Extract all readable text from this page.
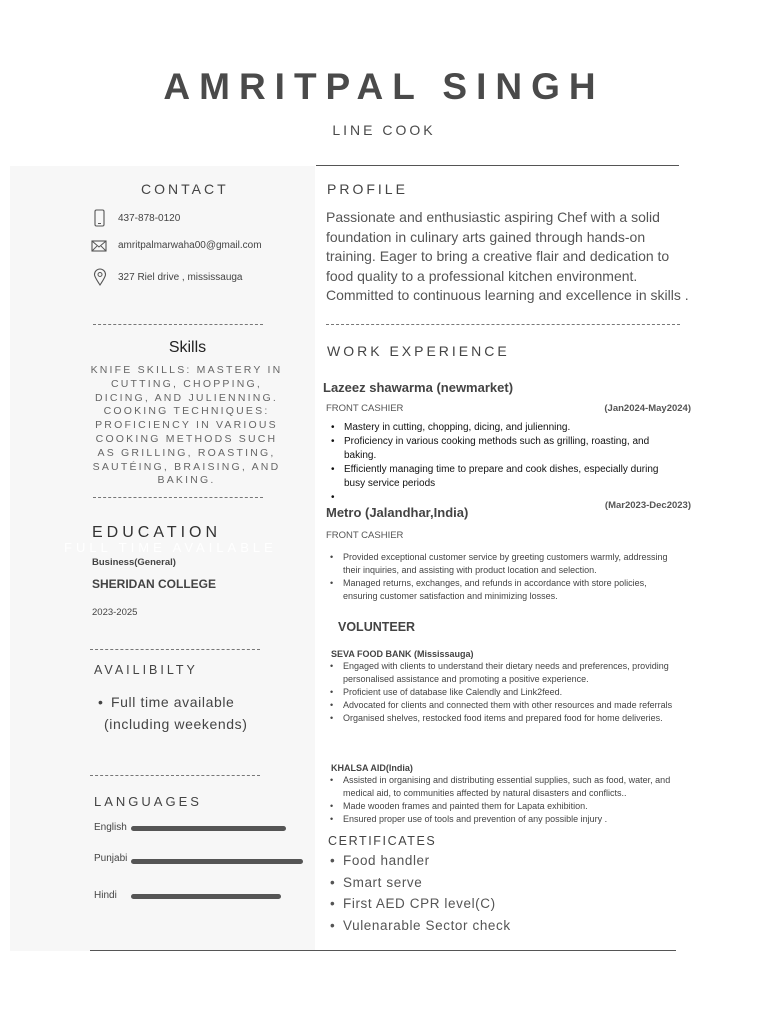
AMRITPAL SINGH
LINE COOK
CONTACT
437-878-0120
amritpalmarwaha00@gmail.com
327 Riel drive , mississauga
Skills
KNIFE SKILLS: MASTERY IN CUTTING, CHOPPING, DICING, AND JULIENNING. COOKING TECHNIQUES: PROFICIENCY IN VARIOUS COOKING METHODS SUCH AS GRILLING, ROASTING, SAUTÉING, BRAISING, AND BAKING.
EDUCATION
FULL TIME AVAILABLE
Business(General)
SHERIDAN COLLEGE
2023-2025
AVAILIBILTY
• Full time available
(including weekends)
LANGUAGES
English
Punjabi
Hindi
PROFILE
Passionate and enthusiastic aspiring Chef with a solid foundation in culinary arts gained through hands-on training. Eager to bring a creative flair and dedication to food quality to a professional kitchen environment. Committed to continuous learning and excellence in skills .
WORK EXPERIENCE
Lazeez shawarma (newmarket)
FRONT CASHIER	(Jan2024-May2024)
• Mastery in cutting, chopping, dicing, and julienning.
• Proficiency in various cooking methods such as grilling, roasting, and baking.
• Efficiently managing time to prepare and cook dishes, especially during busy service periods
•
(Mar2023-Dec2023)
Metro (Jalandhar,India)
FRONT CASHIER
• Provided exceptional customer service by greeting customers warmly, addressing their inquiries, and assisting with product location and selection.
• Managed returns, exchanges, and refunds in accordance with store policies, ensuring customer satisfaction and minimizing losses.
VOLUNTEER
SEVA FOOD BANK (Mississauga)
• Engaged with clients to understand their dietary needs and preferences, providing personalised assistance and promoting a positive experience.
• Proficient use of database like Calendly and Link2feed.
• Advocated for clients and connected them with other resources and made referrals
• Organised shelves, restocked food items and prepared food for home deliveries.
KHALSA AID(India)
• Assisted in organising and distributing essential supplies, such as food, water, and medical aid, to communities affected by natural disasters and conflicts..
• Made wooden frames and painted them for Lapata exhibition.
• Ensured proper use of tools and prevention of any possible injury .
CERTIFICATES
• Food handler
• Smart serve
• First AED CPR level(C)
• Vulenarable Sector check
